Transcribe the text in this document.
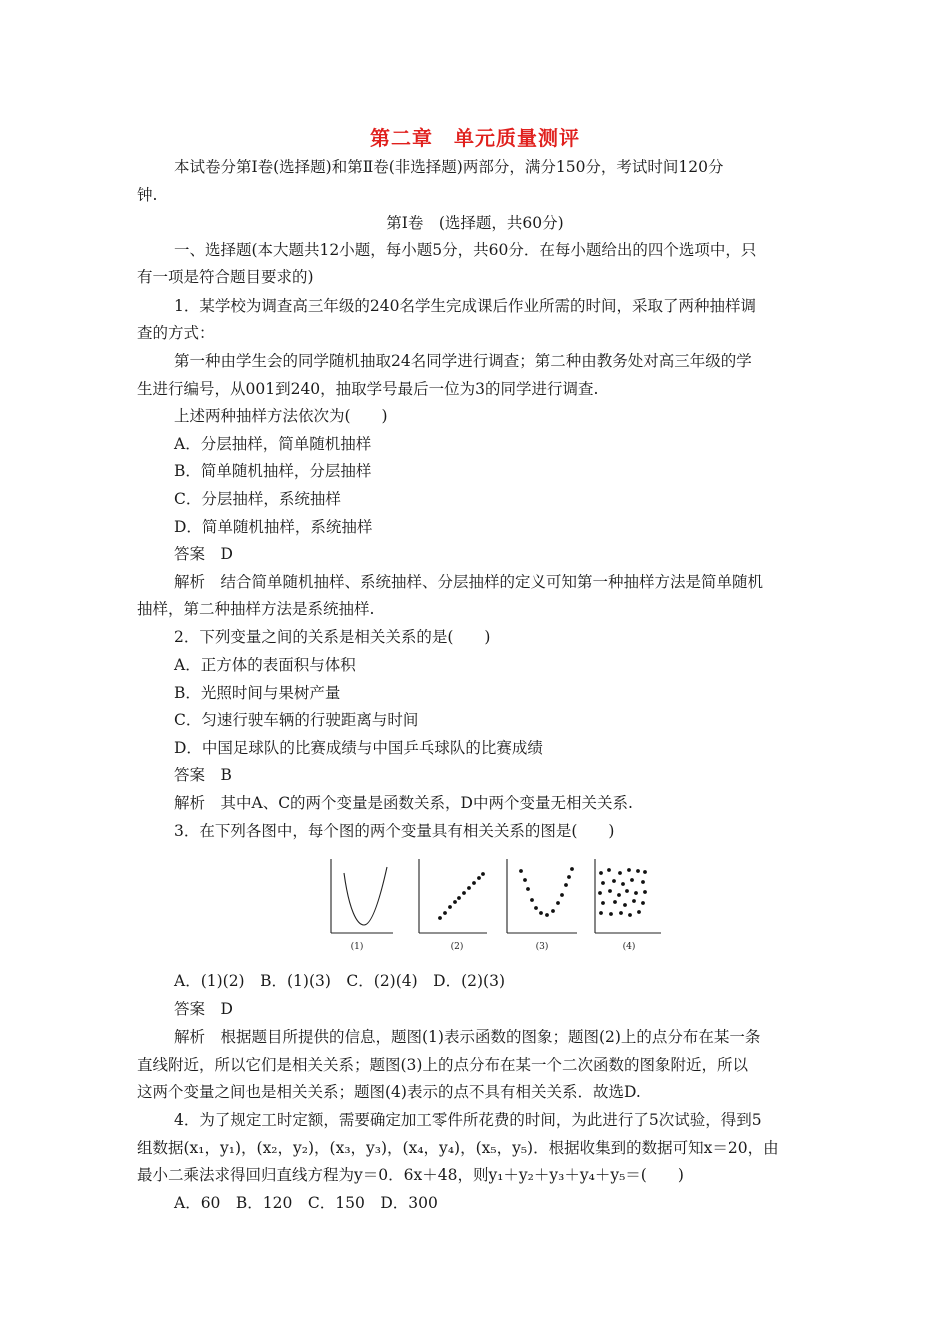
第二章　单元质量测评
本试卷分第Ⅰ卷(选择题)和第Ⅱ卷(非选择题)两部分，满分150分，考试时间120分
钟.
第Ⅰ卷　(选择题，共60分)
一、选择题(本大题共12小题，每小题5分，共60分．在每小题给出的四个选项中，只
有一项是符合题目要求的)
1．某学校为调查高三年级的240名学生完成课后作业所需的时间，采取了两种抽样调
查的方式：
第一种由学生会的同学随机抽取24名同学进行调查；第二种由教务处对高三年级的学
生进行编号，从001到240，抽取学号最后一位为3的同学进行调查.
上述两种抽样方法依次为(　　)
A．分层抽样，简单随机抽样
B．简单随机抽样，分层抽样
C．分层抽样，系统抽样
D．简单随机抽样，系统抽样
答案　D
解析　结合简单随机抽样、系统抽样、分层抽样的定义可知第一种抽样方法是简单随机
抽样，第二种抽样方法是系统抽样.
2．下列变量之间的关系是相关关系的是(　　)
A．正方体的表面积与体积
B．光照时间与果树产量
C．匀速行驶车辆的行驶距离与时间
D．中国足球队的比赛成绩与中国乒乓球队的比赛成绩
答案　B
解析　其中A、C的两个变量是函数关系，D中两个变量无相关关系.
3．在下列各图中，每个图的两个变量具有相关关系的图是(　　)
(1)	(2)	(3)	(4)
A．(1)(2)　B．(1)(3)　C．(2)(4)　D．(2)(3)
答案　D
解析　根据题目所提供的信息，题图(1)表示函数的图象；题图(2)上的点分布在某一条
直线附近，所以它们是相关关系；题图(3)上的点分布在某一个二次函数的图象附近，所以
这两个变量之间也是相关关系；题图(4)表示的点不具有相关关系．故选D.
4．为了规定工时定额，需要确定加工零件所花费的时间，为此进行了5次试验，得到5
组数据(x₁，y₁)，(x₂，y₂)，(x₃，y₃)，(x₄，y₄)，(x₅，y₅)．根据收集到的数据可知x＝20，由
最小二乘法求得回归直线方程为y＝0．6x＋48，则y₁＋y₂＋y₃＋y₄＋y₅＝(　　)
A．60　B．120　C．150　D．300
